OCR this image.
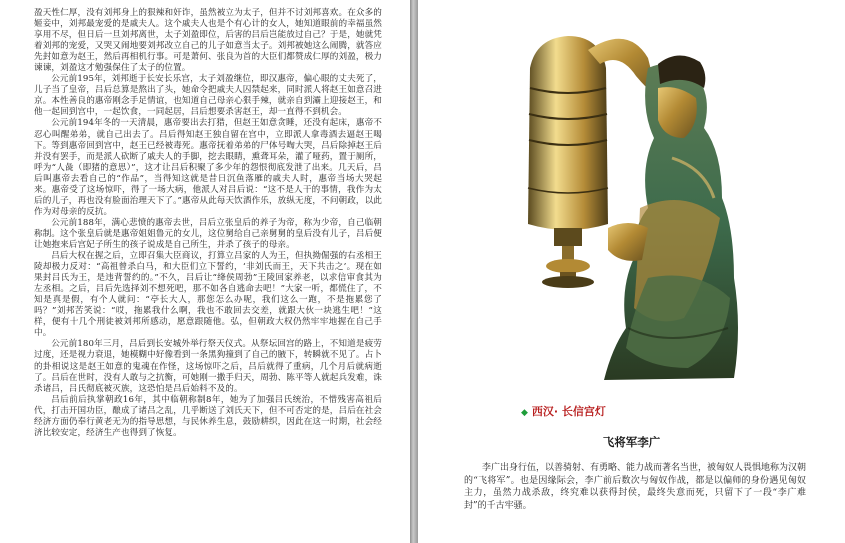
盈天性仁厚，没有刘邦身上的狠辣和奸诈，虽然被立为太子，但并不讨刘邦喜欢。在众多的姬妾中，刘邦最宠爱的是戚夫人。这个戚夫人也是个有心计的女人，她知道眼前的幸福虽然享用不尽，但日后一旦刘邦离世，太子刘盈即位，后害的吕后岂能放过自己？于是，她就凭着刘邦的宠爱，又哭又闹地要刘邦改立自己的儿子如意当太子。刘邦被她这么闹腾，就答应先封如意为赵王，然后再相机行事。可是萧何、张良为首的大臣们都赞成仁厚的刘盈，极力谏谏，刘盈这才勉强保住了太子的位置。

公元前195年，刘邦逝于长安长乐宫，太子刘盈继位，即汉惠帝，偏心眼的丈夫死了，儿子当了皇帝，吕后总算是熬出了头，她命令把戚夫人囚禁起来，同时派人将赵王如意召进京。本性善良的惠帝刚念手足情谊，也知道自己母亲心狠手辣，就亲自到灞上迎接赵王，和他一起回到宫中，一起饮食，一同起居，吕后想要杀害赵王，却一直得不到机会。

公元前194年冬的一天清晨，惠帝要出去打猎，但赵王如意贪睡，还没有起床，惠帝不忍心叫醒弟弟，就自己出去了。吕后得知赵王独自留在宫中，立即派人拿毒酒去逼赵王喝下。等到惠帝回到宫中，赵王已经被毒死。惠帝抚着弟弟的尸体号啕大哭，吕后除掉赵王后并没有罢手，而是派人砍断了戚夫人的手脚，挖去眼睛，熏聋耳朵，灌了哑药，置于厕所，呼为“人彘（即猪的意思）”，这才让吕后积聚了多少年的怨恨彻底发泄了出来。几天后，吕后叫惠帝去看自己的“作品”，当得知这就是昔日沉鱼落雁的戚夫人时，惠帝当场大哭起来。惠帝受了这场惊吓，得了一场大病，他派人对吕后说：“这不是人干的事情，我作为太后的儿子，再也没有脸面治理天下了。”惠帝从此每天饮酒作乐，放纵无度，不问朝政，以此作为对母亲的反抗。

公元前188年，满心悲愤的惠帝去世，吕后立张皇后的养子为帝，称为少帝，自己临朝称制。这个张皇后就是惠帝姐姐鲁元的女儿，这位舅给自己亲舅舅的皇后没有儿子，吕后便让她抱来后宫妃子所生的孩子说成是自己所生，并杀了孩子的母亲。

吕后大权在握之后，立即召集大臣商议，打算立吕家的人为王，但执拗倔强的右丞相王陵却极力反对：“高祖曾杀白马，和大臣们立下誓约，‘非刘氏而王，天下共击之’。现在如果封吕氏为王，是违背誓约的。”不久，吕后让“绛侯周勃”王陵回家养老，以求信审食其为左丞相。之后，吕后先选择刘不想死吧，那不如各自逃命去吧！”大家一听，都慌住了，不知是真是假，有个人就问：“亭长大人，那您怎么办呢，我们这么一跑，不是拖累您了吗？”刘邦苦笑说：“哎，拖累我什么啊，我也不敢回去交差，就跟大伙一块逃生吧！”这样，便有十几个刑徒被刘邦所感动，愿意跟随他。弘，但朝政大权仍然牢牢地握在自己手中。

公元前180年三月，吕后到长安城外举行祭天仪式。从祭坛回宫的路上，不知道是疲劳过度，还是视力衰退，她模糊中好像看到一条黑狗撞到了自己的腋下，转瞬就不见了。占卜的卦相说这是赵王如意的鬼魂在作怪，这场惊吓之后，吕后就得了重病，几个月后就病逝了。吕后在世时，没有人敢与之抗衡，可她刚一撒手归天，周勃、陈平等人就起兵发难，诛杀诸吕，吕氏彻底被灭族，这恐怕是吕后始料不及的。

吕后前后执掌朝政16年，其中临朝称制8年，她为了加强吕氏统治，不惜残害高祖后代，打击开国功臣，酿成了诸吕之乱，几乎断送了刘氏天下，但不可否定的是，吕后在社会经济方面仍奉行黄老无为的指导思想，与民休养生息，鼓励耕织，因此在这一时期，社会经济比较安定，经济生产也得到了恢复。

◆ 西汉· 长信宫灯
飞将军李广

李广出身行伍，以善骑射、有勇略、能力战而著名当世，被匈奴人畏惧地称为汉朝的“飞将军”。也是因缘际会，李广前后数次与匈奴作战，都是以偏师的身份遇见匈奴主力，虽然力战杀敌，终究难以获得封侯，最终失意而死，只留下了一段“李广难封”的千古牢骚。
